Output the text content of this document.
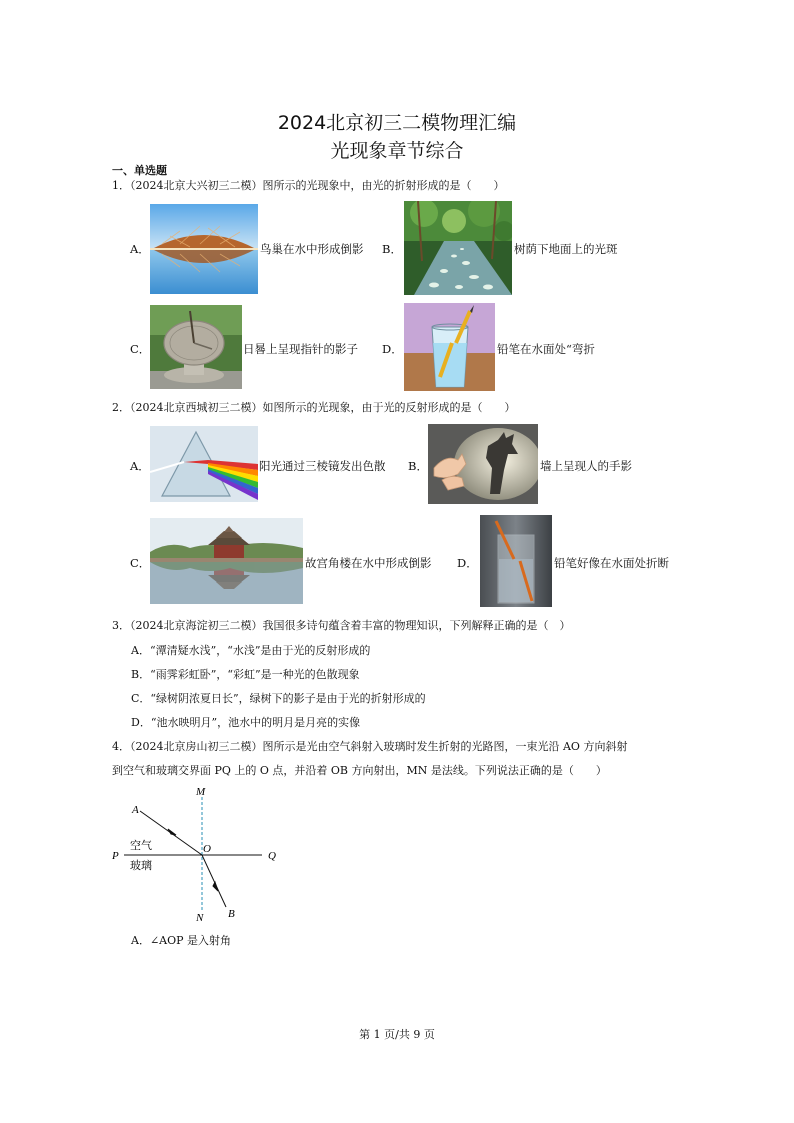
2024北京初三二模物理汇编
光现象章节综合
一、单选题
1．（2024北京大兴初三二模）图所示的光现象中，由光的折射形成的是（　　）
A．	鸟巢在水中形成倒影 B．	树荫下地面上的光斑
C．	日晷上呈现指针的影子 D．	铅笔在水面处“弯折
2．（2024北京西城初三二模）如图所示的光现象，由于光的反射形成的是（　　）
A．	阳光通过三棱镜发出色散 B．	墙上呈现人的手影
C．	故宫角楼在水中形成倒影 D．	铅笔好像在水面处折断
3．（2024北京海淀初三二模）我国很多诗句蕴含着丰富的物理知识，下列解释正确的是（　）
A．“潭清疑水浅”，“水浅”是由于光的反射形成的
B．“雨霁彩虹卧”，“彩虹”是一种光的色散现象
C．“绿树阴浓夏日长”，绿树下的影子是由于光的折射形成的
D．“池水映明月”，池水中的明月是月亮的实像
4．（2024北京房山初三二模）图所示是光由空气斜射入玻璃时发生折射的光路图，一束光沿 AO 方向斜射
到空气和玻璃交界面 PQ 上的 O 点，并沿着 OB 方向射出，MN 是法线。下列说法正确的是（　　）
M
N
A
B
O
P	Q
空气
玻璃
A．∠AOP 是入射角
第 1 页/共 9 页
